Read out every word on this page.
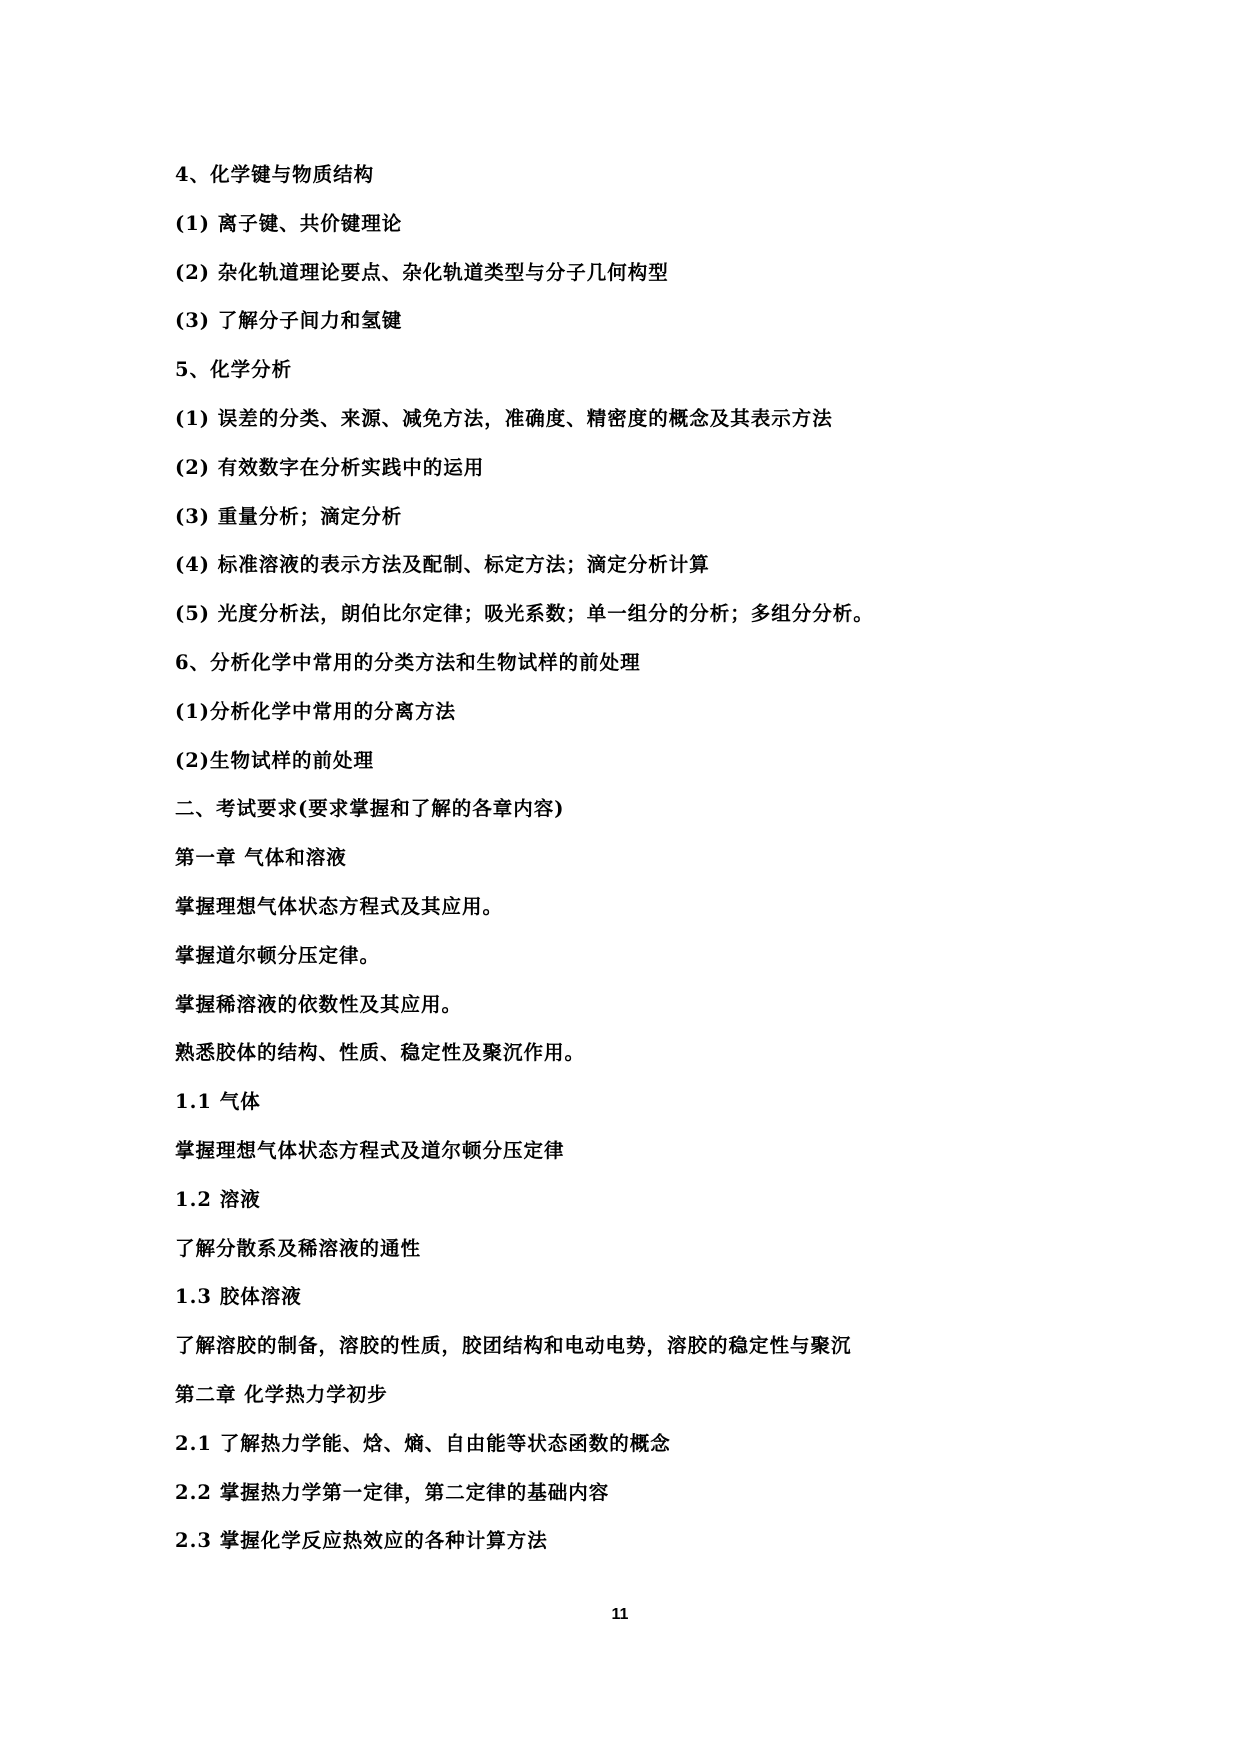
4、化学键与物质结构
(1) 离子键、共价键理论
(2) 杂化轨道理论要点、杂化轨道类型与分子几何构型
(3) 了解分子间力和氢键
5、化学分析
(1) 误差的分类、来源、减免方法，准确度、精密度的概念及其表示方法
(2) 有效数字在分析实践中的运用
(3) 重量分析；滴定分析
(4) 标准溶液的表示方法及配制、标定方法；滴定分析计算
(5) 光度分析法，朗伯比尔定律；吸光系数；单一组分的分析；多组分分析。
6、分析化学中常用的分类方法和生物试样的前处理
(1)分析化学中常用的分离方法
(2)生物试样的前处理
二、考试要求(要求掌握和了解的各章内容)
第一章 气体和溶液
掌握理想气体状态方程式及其应用。
掌握道尔顿分压定律。
掌握稀溶液的依数性及其应用。
熟悉胶体的结构、性质、稳定性及聚沉作用。
1.1 气体
掌握理想气体状态方程式及道尔顿分压定律
1.2 溶液
了解分散系及稀溶液的通性
1.3 胶体溶液
了解溶胶的制备，溶胶的性质，胶团结构和电动电势，溶胶的稳定性与聚沉
第二章 化学热力学初步
2.1 了解热力学能、焓、熵、自由能等状态函数的概念
2.2 掌握热力学第一定律，第二定律的基础内容
2.3 掌握化学反应热效应的各种计算方法
11
